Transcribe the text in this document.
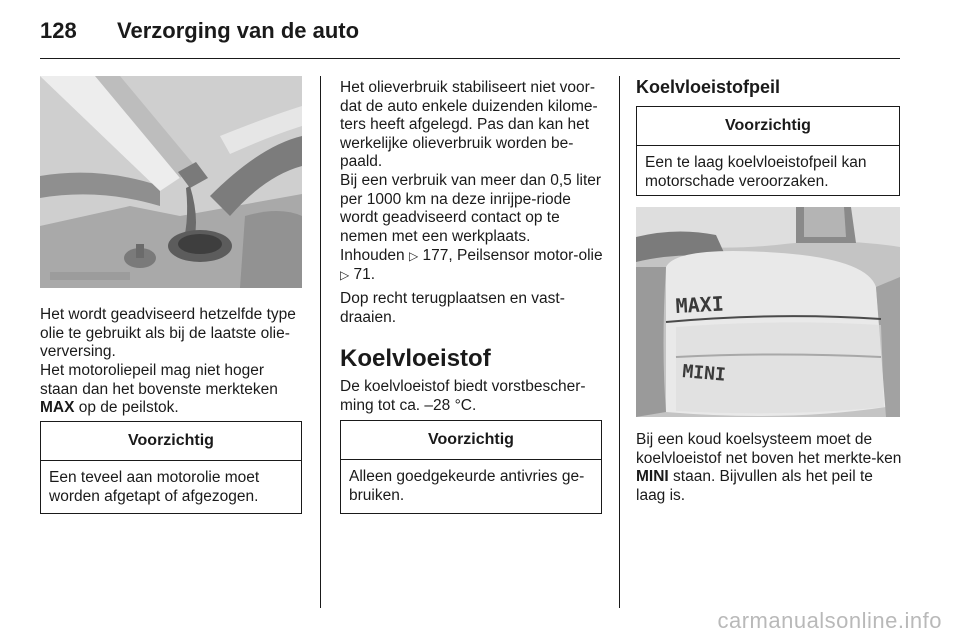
128 Verzorging van de auto

Het wordt geadviseerd hetzelfde type olie te gebruikt als bij de laatste olie-verversing.

Het motoroliepeil mag niet hoger staan dan het bovenste merkteken MAX op de peilstok.

Voorzichtig
Een teveel aan motorolie moet worden afgetapt of afgezogen.

Het olieverbruik stabiliseert niet voor-dat de auto enkele duizenden kilome-ters heeft afgelegd. Pas dan kan het werkelijke olieverbruik worden be-paald.

Bij een verbruik van meer dan 0,5 liter per 1000 km na deze inrijpe-riode wordt geadviseerd contact op te nemen met een werkplaats.

Inhouden ▷ 177, Peilsensor motor-olie ▷ 71.

Dop recht terugplaatsen en vast-draaien.

Koelvloeistof

De koelvloeistof biedt vorstbescher-ming tot ca. –28 °C.

Voorzichtig
Alleen goedgekeurde antivries ge-bruiken.
Koelvloeistofpeil
Voorzichtig
Een te laag koelvloeistofpeil kan motorschade veroorzaken.
MAXI
MINI

Bij een koud koelsysteem moet de koelvloeistof net boven het merkte-ken MINI staan. Bijvullen als het peil te laag is.

carmanualsonline.info
